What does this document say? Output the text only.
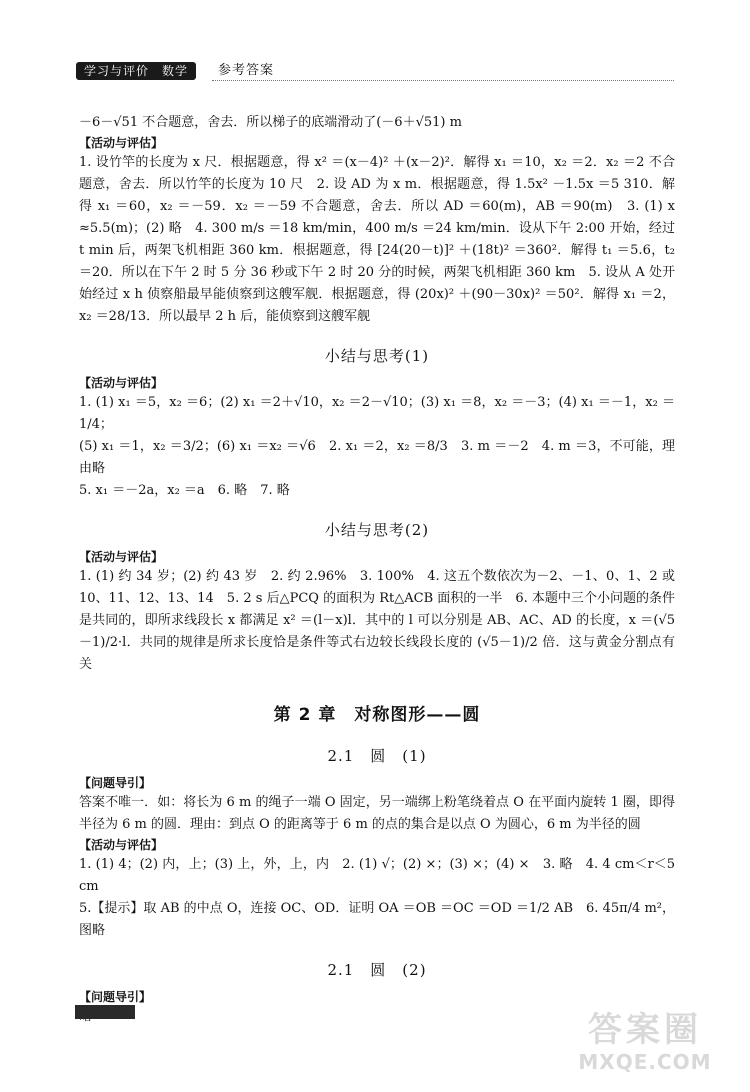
学习与评价　数学	参考答案

－6－√51 不合题意，舍去．所以梯子的底端滑动了(－6＋√51) m

【活动与评估】

1. 设竹竿的长度为 x 尺．根据题意，得 x² ＝(x－4)² ＋(x－2)²．解得 x₁ ＝10，x₂ ＝2．x₂ ＝2 不合题意，舍去．所以竹竿的长度为 10 尺　2. 设 AD 为 x m．根据题意，得 1.5x² －1.5x ＝5 310．解得 x₁ ＝60，x₂ ＝－59．x₂ ＝－59 不合题意，舍去．所以 AD ＝60(m)，AB ＝90(m)　3. (1) x ≈5.5(m)；(2) 略　4. 300 m/s ＝18 km/min，400 m/s ＝24 km/min．设从下午 2:00 开始，经过 t min 后，两架飞机相距 360 km．根据题意，得 [24(20－t)]² ＋(18t)² ＝360²．解得 t₁ ＝5.6，t₂ ＝20．所以在下午 2 时 5 分 36 秒或下午 2 时 20 分的时候，两架飞机相距 360 km　5. 设从 A 处开始经过 x h 侦察船最早能侦察到这艘军舰．根据题意，得 (20x)² ＋(90－30x)² ＝50²．解得 x₁ ＝2，x₂ ＝28/13．所以最早 2 h 后，能侦察到这艘军舰

小结与思考(1)
【活动与评估】

1. (1) x₁ ＝5，x₂ ＝6；(2) x₁ ＝2＋√10，x₂ ＝2－√10；(3) x₁ ＝8，x₂ ＝－3；(4) x₁ ＝－1，x₂ ＝1/4；

(5) x₁ ＝1，x₂ ＝3/2；(6) x₁ ＝x₂ ＝√6　2. x₁ ＝2，x₂ ＝8/3　3. m ＝－2　4. m ＝3，不可能，理由略

5. x₁ ＝－2a，x₂ ＝a　6. 略　7. 略

小结与思考(2)
【活动与评估】

1. (1) 约 34 岁；(2) 约 43 岁　2. 约 2.96%　3. 100%　4. 这五个数依次为－2、－1、0、1、2 或 10、11、12、13、14　5. 2 s 后△PCQ 的面积为 Rt△ACB 面积的一半　6. 本题中三个小问题的条件是共同的，即所求线段长 x 都满足 x² ＝(l－x)l．其中的 l 可以分别是 AB、AC、AD 的长度，x ＝(√5－1)/2·l．共同的规律是所求长度恰是条件等式右边较长线段长度的 (√5－1)/2 倍．这与黄金分割点有关

第 2 章　对称图形——圆
2.1　圆　(1)
【问题导引】

答案不唯一．如：将长为 6 m 的绳子一端 O 固定，另一端绑上粉笔绕着点 O 在平面内旋转 1 圈，即得半径为 6 m 的圆．理由：到点 O 的距离等于 6 m 的点的集合是以点 O 为圆心，6 m 为半径的圆

【活动与评估】

1. (1) 4；(2) 内，上；(3) 上，外，上，内　2. (1) √；(2) ×；(3) ×；(4) ×　3. 略　4. 4 cm＜r＜5 cm

5.【提示】取 AB 的中点 O，连接 OC、OD．证明 OA ＝OB ＝OC ＝OD ＝1/2 AB　6. 45π/4 m²，图略

2.1　圆　(2)
【问题导引】

答案圈
MXQE.COM
